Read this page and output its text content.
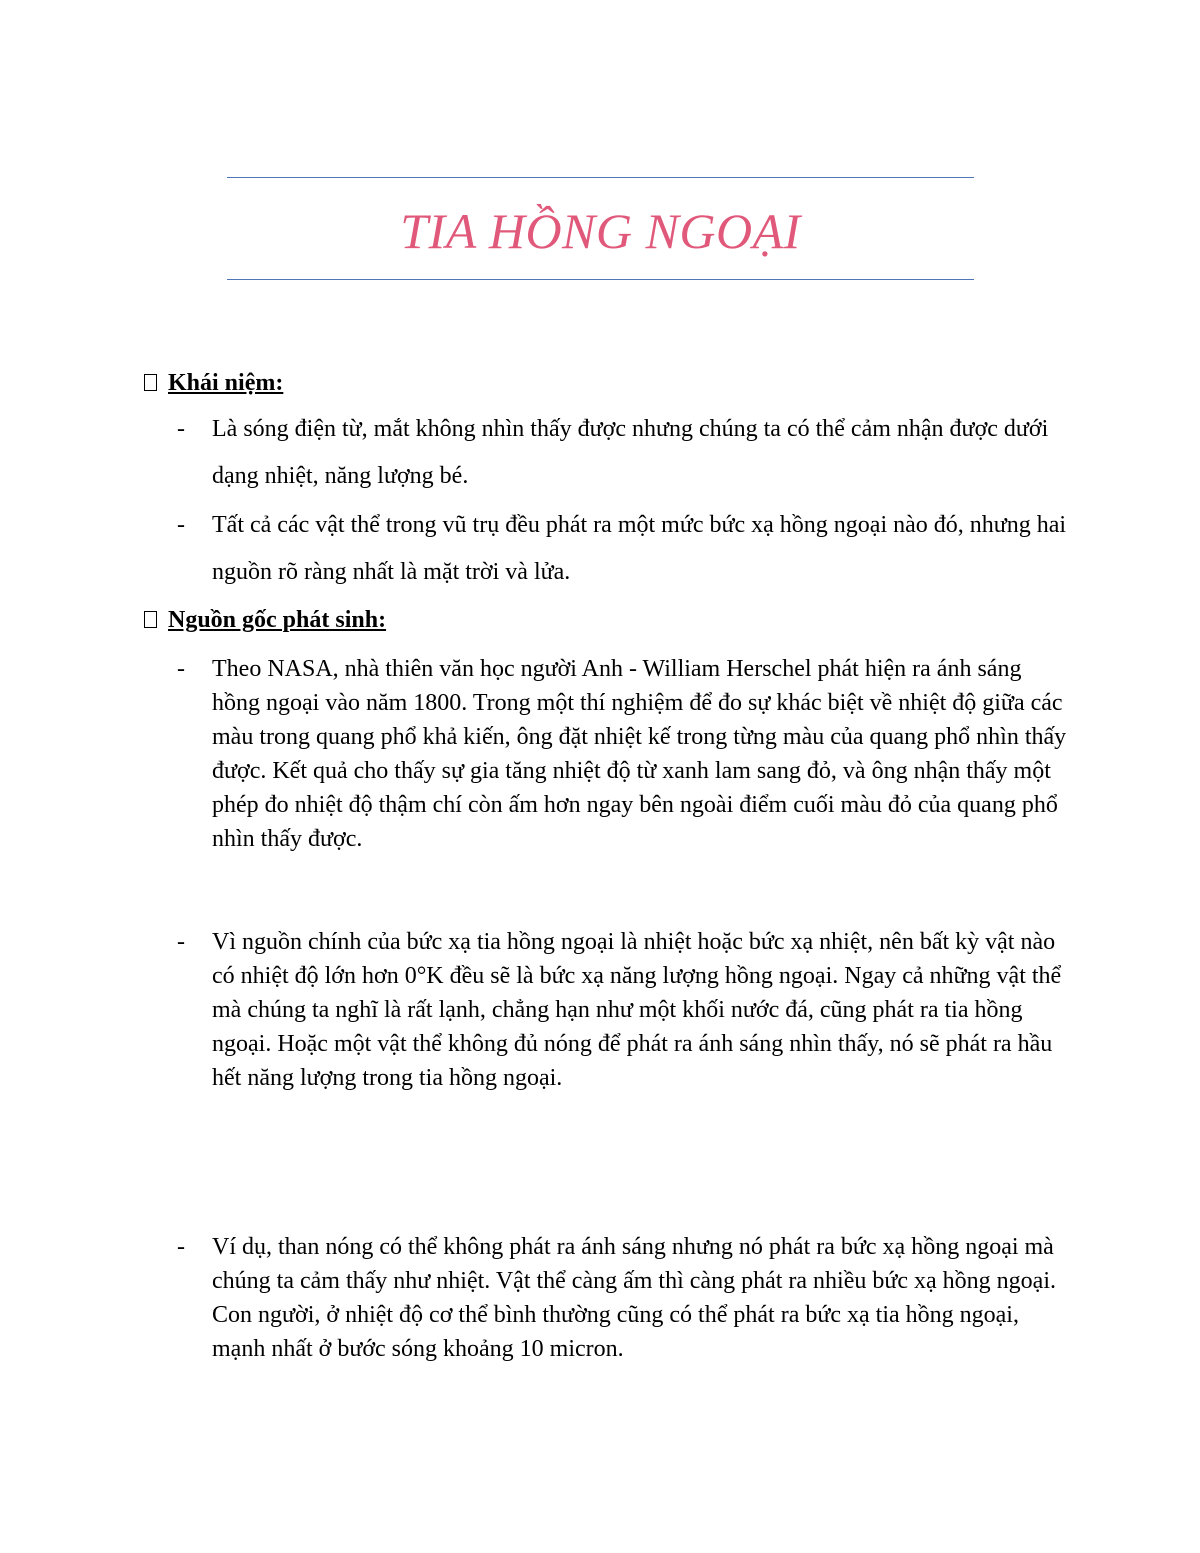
TIA HỒNG NGOẠI
Khái niệm:
- Là sóng điện từ, mắt không nhìn thấy được nhưng chúng ta có thể cảm nhận được dưới dạng nhiệt, năng lượng bé.
- Tất cả các vật thể trong vũ trụ đều phát ra một mức bức xạ hồng ngoại nào đó, nhưng hai nguồn rõ ràng nhất là mặt trời và lửa.
Nguồn gốc phát sinh:
- Theo NASA, nhà thiên văn học người Anh - William Herschel phát hiện ra ánh sáng hồng ngoại vào năm 1800. Trong một thí nghiệm để đo sự khác biệt về nhiệt độ giữa các màu trong quang phổ khả kiến, ông đặt nhiệt kế trong từng màu của quang phổ nhìn thấy được. Kết quả cho thấy sự gia tăng nhiệt độ từ xanh lam sang đỏ, và ông nhận thấy một phép đo nhiệt độ thậm chí còn ấm hơn ngay bên ngoài điểm cuối màu đỏ của quang phổ nhìn thấy được.
- Vì nguồn chính của bức xạ tia hồng ngoại là nhiệt hoặc bức xạ nhiệt, nên bất kỳ vật nào có nhiệt độ lớn hơn 0°K đều sẽ là bức xạ năng lượng hồng ngoại. Ngay cả những vật thể mà chúng ta nghĩ là rất lạnh, chẳng hạn như một khối nước đá, cũng phát ra tia hồng ngoại. Hoặc một vật thể không đủ nóng để phát ra ánh sáng nhìn thấy, nó sẽ phát ra hầu hết năng lượng trong tia hồng ngoại.
- Ví dụ, than nóng có thể không phát ra ánh sáng nhưng nó phát ra bức xạ hồng ngoại mà chúng ta cảm thấy như nhiệt. Vật thể càng ấm thì càng phát ra nhiều bức xạ hồng ngoại. Con người, ở nhiệt độ cơ thể bình thường cũng có thể phát ra bức xạ tia hồng ngoại, mạnh nhất ở bước sóng khoảng 10 micron.
